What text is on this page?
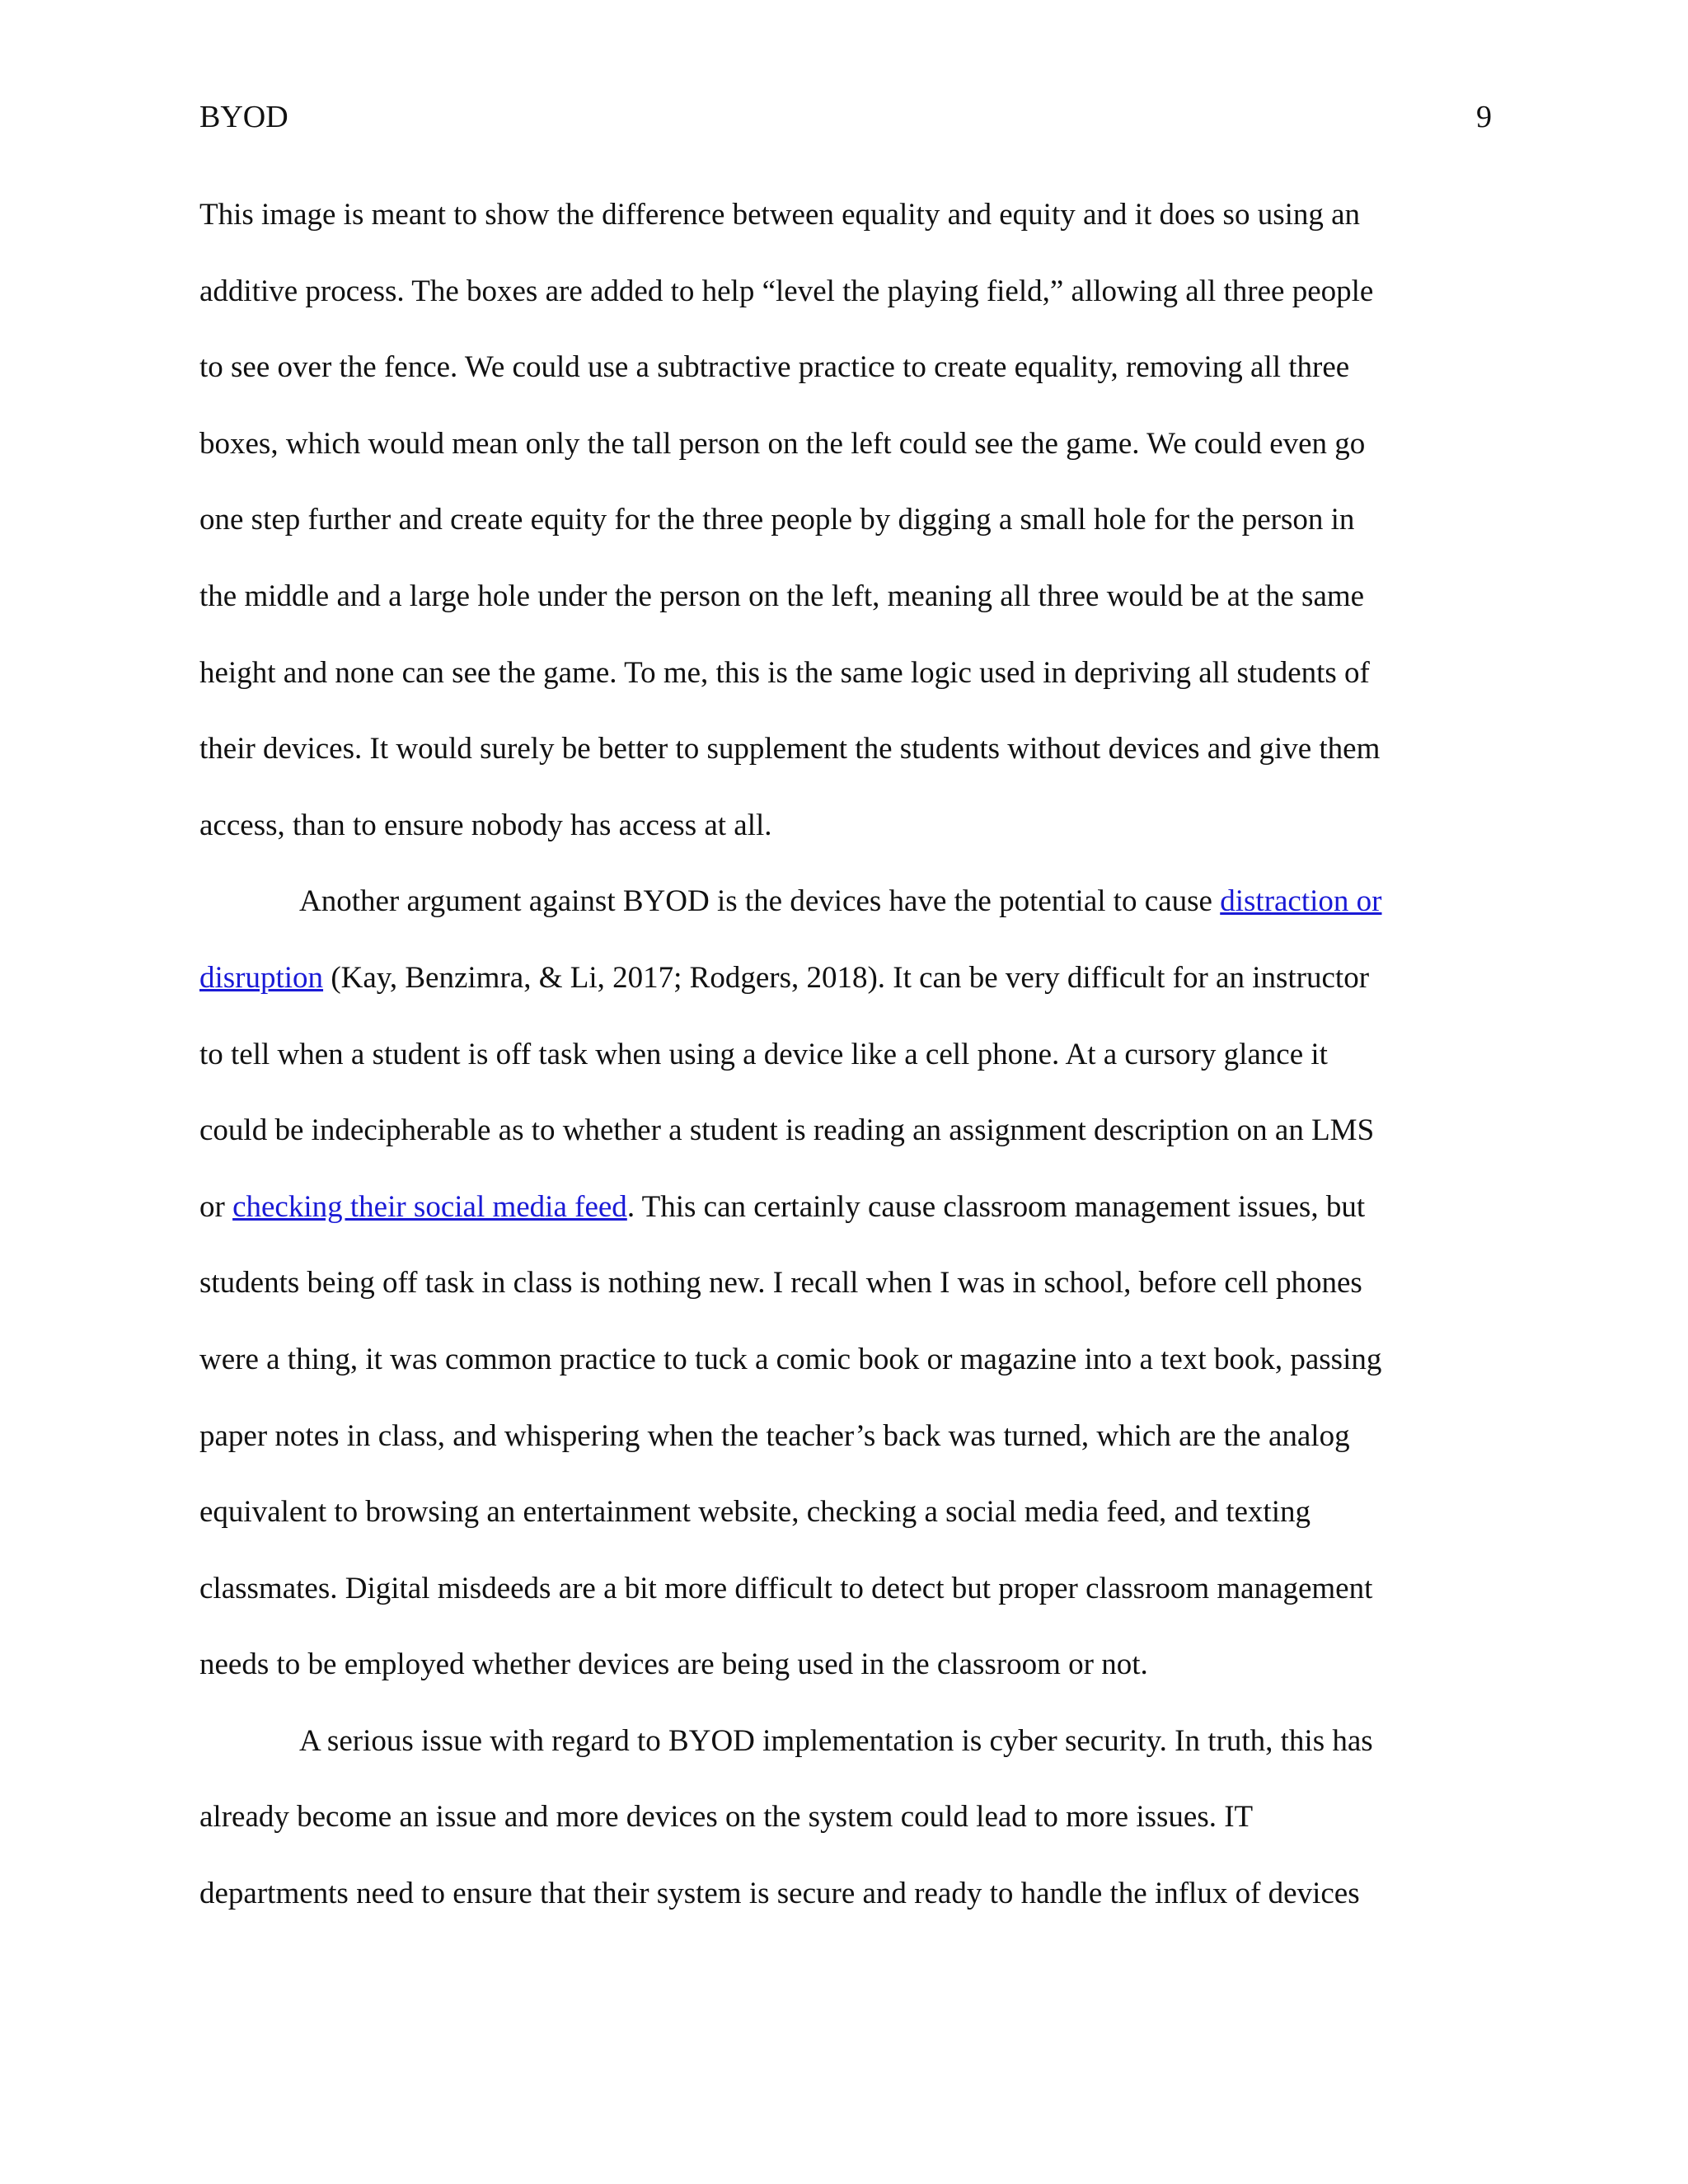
BYOD	9
This image is meant to show the difference between equality and equity and it does so using an
additive process. The boxes are added to help “level the playing field,” allowing all three people
to see over the fence. We could use a subtractive practice to create equality, removing all three
boxes, which would mean only the tall person on the left could see the game. We could even go
one step further and create equity for the three people by digging a small hole for the person in
the middle and a large hole under the person on the left, meaning all three would be at the same
height and none can see the game. To me, this is the same logic used in depriving all students of
their devices. It would surely be better to supplement the students without devices and give them
access, than to ensure nobody has access at all.
Another argument against BYOD is the devices have the potential to cause distraction or
disruption (Kay, Benzimra, & Li, 2017; Rodgers, 2018). It can be very difficult for an instructor
to tell when a student is off task when using a device like a cell phone. At a cursory glance it
could be indecipherable as to whether a student is reading an assignment description on an LMS
or checking their social media feed. This can certainly cause classroom management issues, but
students being off task in class is nothing new. I recall when I was in school, before cell phones
were a thing, it was common practice to tuck a comic book or magazine into a text book, passing
paper notes in class, and whispering when the teacher’s back was turned, which are the analog
equivalent to browsing an entertainment website, checking a social media feed, and texting
classmates. Digital misdeeds are a bit more difficult to detect but proper classroom management
needs to be employed whether devices are being used in the classroom or not.
A serious issue with regard to BYOD implementation is cyber security. In truth, this has
already become an issue and more devices on the system could lead to more issues. IT
departments need to ensure that their system is secure and ready to handle the influx of devices
